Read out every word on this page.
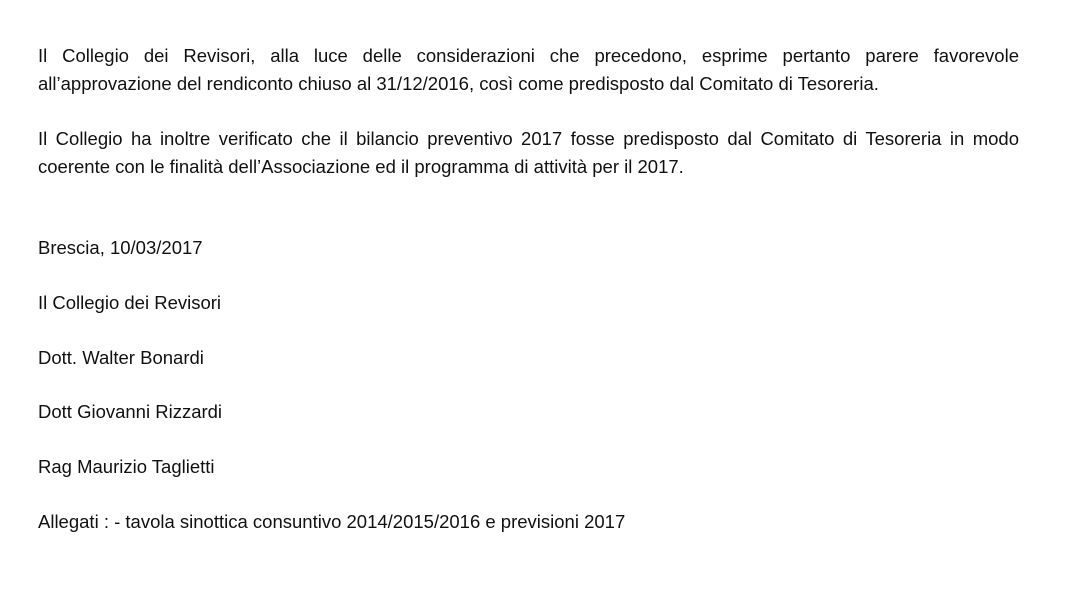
Il Collegio dei Revisori, alla luce delle considerazioni che precedono, esprime pertanto parere favorevole all’approvazione del rendiconto chiuso al 31/12/2016, così come predisposto dal Comitato di Tesoreria.

Il Collegio ha inoltre verificato che il bilancio preventivo 2017 fosse predisposto dal Comitato di Tesoreria in modo coerente con le finalità dell’Associazione ed il programma di attività per il 2017.

Brescia, 10/03/2017

Il Collegio dei Revisori

Dott. Walter Bonardi

Dott Giovanni Rizzardi

Rag Maurizio Taglietti

Allegati : - tavola sinottica consuntivo 2014/2015/2016 e previsioni 2017
